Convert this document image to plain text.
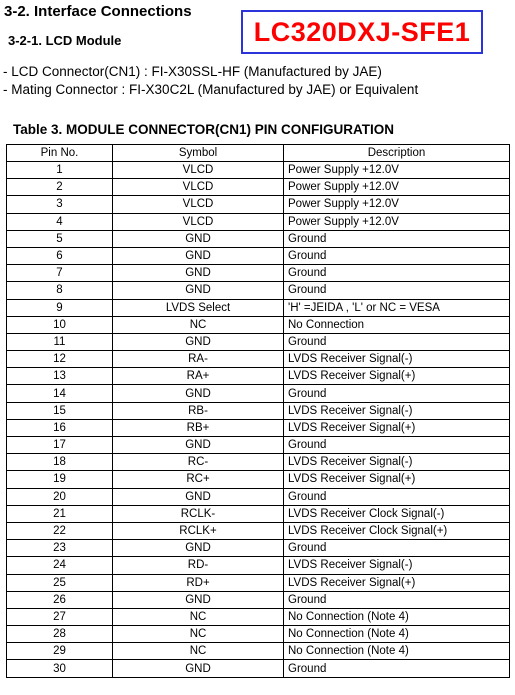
3-2. Interface Connections
3-2-1. LCD Module	LC320DXJ-SFE1
- LCD Connector(CN1) : FI-X30SSL-HF (Manufactured by JAE)
- Mating Connector : FI-X30C2L (Manufactured by JAE) or Equivalent
Table 3. MODULE CONNECTOR(CN1) PIN CONFIGURATION
Pin No.	Symbol	Description
1	VLCD	Power Supply +12.0V
2	VLCD	Power Supply +12.0V
3	VLCD	Power Supply +12.0V
4	VLCD	Power Supply +12.0V
5	GND	Ground
6	GND	Ground
7	GND	Ground
8	GND	Ground
9	LVDS Select	'H' =JEIDA , 'L' or NC = VESA
10	NC	No Connection
11	GND	Ground
12	RA-	LVDS Receiver Signal(-)
13	RA+	LVDS Receiver Signal(+)
14	GND	Ground
15	RB-	LVDS Receiver Signal(-)
16	RB+	LVDS Receiver Signal(+)
17	GND	Ground
18	RC-	LVDS Receiver Signal(-)
19	RC+	LVDS Receiver Signal(+)
20	GND	Ground
21	RCLK-	LVDS Receiver Clock Signal(-)
22	RCLK+	LVDS Receiver Clock Signal(+)
23	GND	Ground
24	RD-	LVDS Receiver Signal(-)
25	RD+	LVDS Receiver Signal(+)
26	GND	Ground
27	NC	No Connection (Note 4)
28	NC	No Connection (Note 4)
29	NC	No Connection (Note 4)
30	GND	Ground
